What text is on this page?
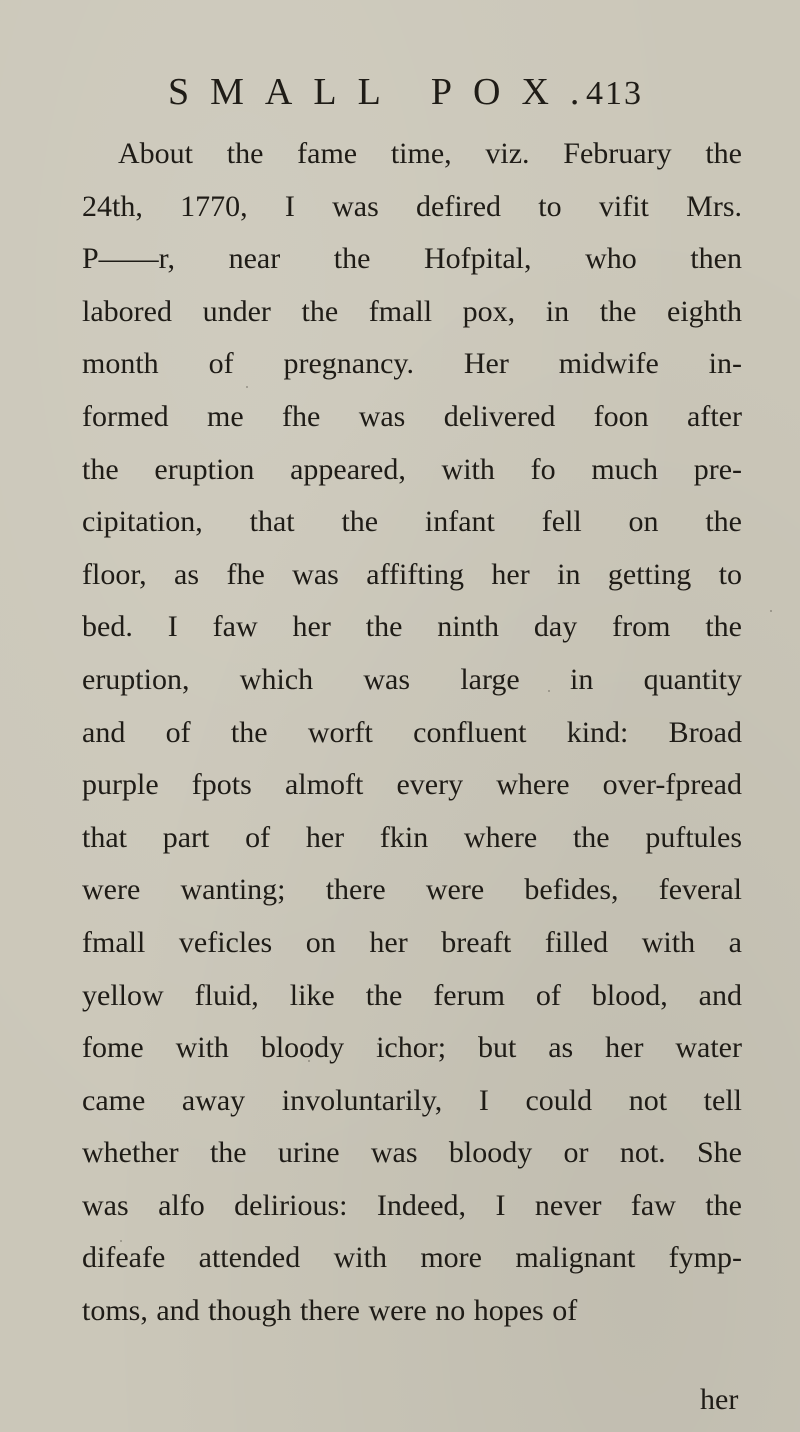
SMALL POX.
413
About the fame time, viz. February the
24th, 1770, I was defired to vifit Mrs.
P——r, near the Hofpital, who then
labored under the fmall pox, in the eighth
month of pregnancy. Her midwife in-
formed me fhe was delivered foon after
the eruption appeared, with fo much pre-
cipitation, that the infant fell on the
floor, as fhe was affifting her in getting to
bed. I faw her the ninth day from the
eruption, which was large in quantity
and of the worft confluent kind: Broad
purple fpots almoft every where over-fpread
that part of her fkin where the puftules
were wanting; there were befides, feveral
fmall veficles on her breaft filled with a
yellow fluid, like the ferum of blood, and
fome with bloody ichor; but as her water
came away involuntarily, I could not tell
whether the urine was bloody or not. She
was alfo delirious: Indeed, I never faw the
difeafe attended with more malignant fymp-
toms, and though there were no hopes of
her
